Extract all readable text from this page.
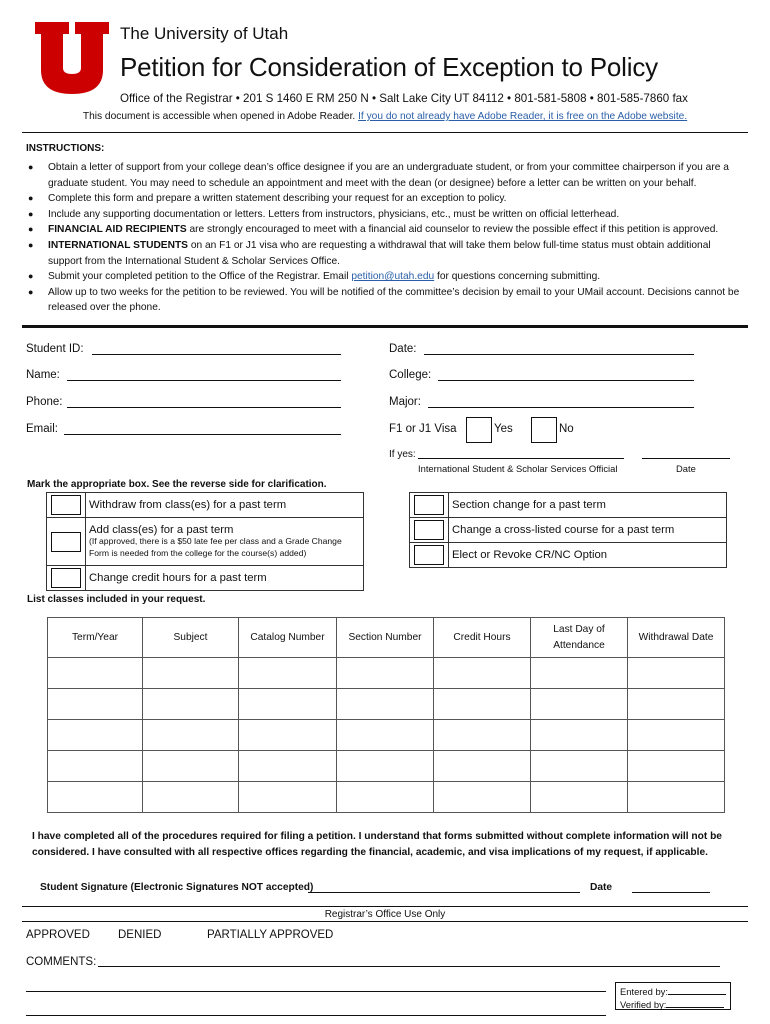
The University of Utah
Petition for Consideration of Exception to Policy
Office of the Registrar • 201 S 1460 E RM 250 N • Salt Lake City UT 84112 • 801-581-5808 • 801-585-7860 fax
This document is accessible when opened in Adobe Reader. If you do not already have Adobe Reader, it is free on the Adobe website.
INSTRUCTIONS:
● Obtain a letter of support from your college dean’s office designee if you are an undergraduate student, or from your committee chairperson if you are a graduate student. You may need to schedule an appointment and meet with the dean (or designee) before a letter can be written on your behalf.
● Complete this form and prepare a written statement describing your request for an exception to policy.
● Include any supporting documentation or letters. Letters from instructors, physicians, etc., must be written on official letterhead.
● FINANCIAL AID RECIPIENTS are strongly encouraged to meet with a financial aid counselor to review the possible effect if this petition is approved.
● INTERNATIONAL STUDENTS on an F1 or J1 visa who are requesting a withdrawal that will take them below full-time status must obtain additional support from the International Student & Scholar Services Office.
● Submit your completed petition to the Office of the Registrar. Email petition@utah.edu for questions concerning submitting.
● Allow up to two weeks for the petition to be reviewed. You will be notified of the committee’s decision by email to your UMail account. Decisions cannot be released over the phone.
Student ID:
Name:
Phone:
Email:
Date:
College:
Major:
F1 or J1 Visa	Yes	No
If yes:
International Student & Scholar Services Official	Date
Mark the appropriate box. See the reverse side for clarification.
	Withdraw from class(es) for a past term

	Add class(es) for a past term
(If approved, there is a $50 late fee per class and a Grade Change Form is needed from the college for the course(s) added)

	Change credit hours for a past term
	Section change for a past term
	Change a cross-listed course for a past term
	Elect or Revoke CR/NC Option
List classes included in your request.
Term/Year	Subject	Catalog Number	Section Number	Credit Hours	Last Day of Attendance	Withdrawal Date

I have completed all of the procedures required for filing a petition. I understand that forms submitted without complete information will not be considered. I have consulted with all respective offices regarding the financial, academic, and visa implications of my request, if applicable.
Student Signature (Electronic Signatures NOT accepted)	Date
Registrar’s Office Use Only
APPROVED DENIED	PARTIALLY APPROVED
COMMENTS:
Entered by:
Verified by:
